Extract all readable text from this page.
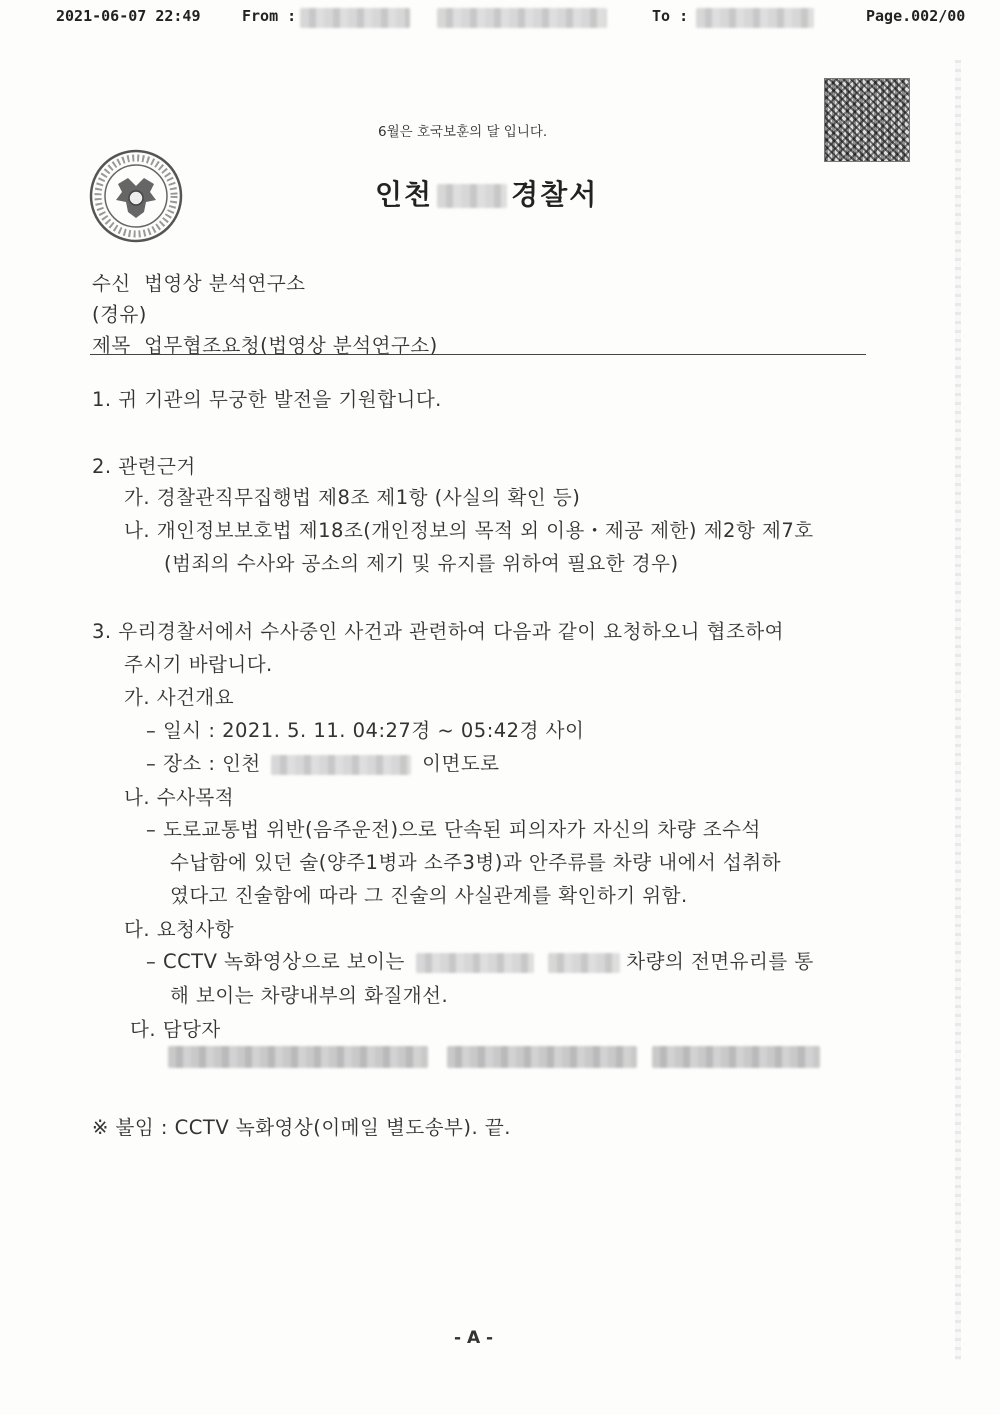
2021-06-07 22:49	From :
	To :	Page.002/00
6월은 호국보훈의 달 입니다.
인천	경찰서
수신 법영상 분석연구소
(경유)
제목 업무협조요청(법영상 분석연구소)
1. 귀 기관의 무궁한 발전을 기원합니다.
2. 관련근거
가. 경찰관직무집행법 제8조 제1항 (사실의 확인 등)
나. 개인정보보호법 제18조(개인정보의 목적 외 이용・제공 제한) 제2항 제7호
(범죄의 수사와 공소의 제기 및 유지를 위하여 필요한 경우)
3. 우리경찰서에서 수사중인 사건과 관련하여 다음과 같이 요청하오니 협조하여
주시기 바랍니다.
가. 사건개요
– 일시 : 2021. 5. 11. 04:27경 ~ 05:42경 사이
– 장소 : 인천	이면도로
나. 수사목적
– 도로교통법 위반(음주운전)으로 단속된 피의자가 자신의 차량 조수석
수납함에 있던 술(양주1병과 소주3병)과 안주류를 차량 내에서 섭취하
였다고 진술함에 따라 그 진술의 사실관계를 확인하기 위함.
다. 요청사항
– CCTV 녹화영상으로 보이는	차량의 전면유리를 통
해 보이는 차량내부의 화질개선.
다. 담당자

※ 불임 : CCTV 녹화영상(이메일 별도송부). 끝.
- A -
